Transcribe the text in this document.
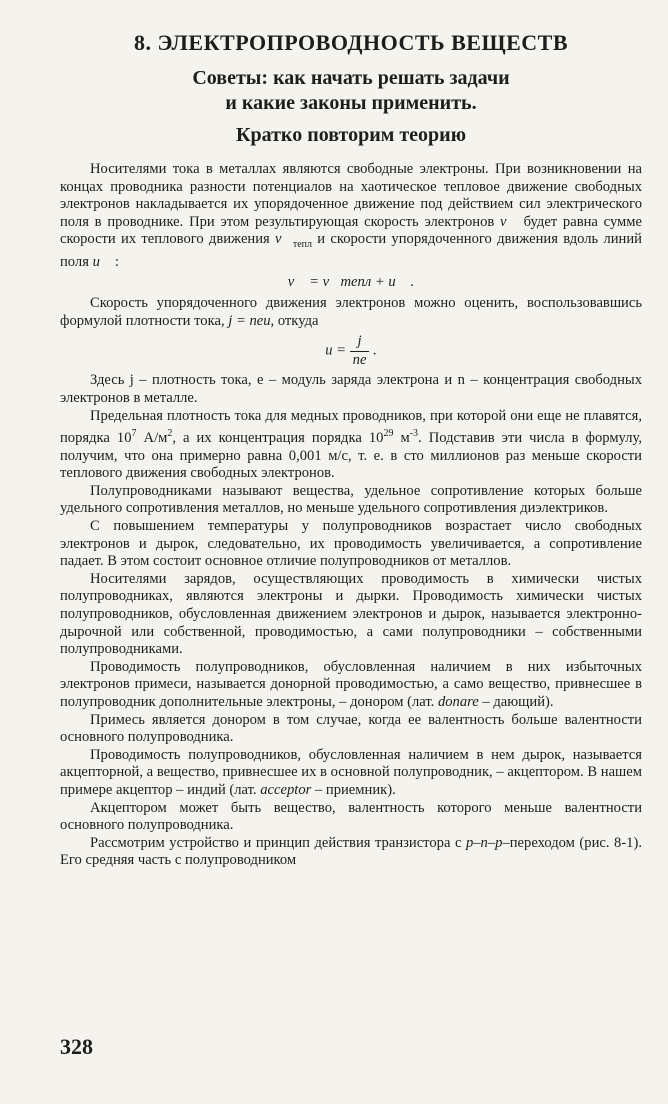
8. ЭЛЕКТРОПРОВОДНОСТЬ ВЕЩЕСТВ
Советы: как начать решать задачи
и какие законы применить.
Кратко повторим теорию

Носителями тока в металлах являются свободные электроны. При возникновении на концах проводника разности потенциалов на хаотическое тепловое движение свободных электронов накладывается их упорядоченное движение под действием сил электрического поля в проводнике. При этом результирующая скорость электронов v⃗ будет равна сумме скорости их теплового движения $v⃗_{тепл}$ и скорости упорядоченного движения вдоль линий поля u⃗ :

v⃗ = v⃗тепл + u⃗ .

Скорость упорядоченного движения электронов можно оценить, воспользовавшись формулой плотности тока, j = neu, откуда

$u = \frac{j}{ne}$ .

Здесь j – плотность тока, e – модуль заряда электрона и n – концентрация свободных электронов в металле.

Предельная плотность тока для медных проводников, при которой они еще не плавятся, порядка $10^7$ $А/м^2$, а их концентрация порядка $10^{29}$ $м^{-3}$. Подставив эти числа в формулу, получим, что она примерно равна 0,001 м/с, т. е. в сто миллионов раз меньше скорости теплового движения свободных электронов.

Полупроводниками называют вещества, удельное сопротивление которых больше удельного сопротивления металлов, но меньше удельного сопротивления диэлектриков.

С повышением температуры у полупроводников возрастает число свободных электронов и дырок, следовательно, их проводимость увеличивается, а сопротивление падает. В этом состоит основное отличие полупроводников от металлов.

Носителями зарядов, осуществляющих проводимость в химически чистых полупроводниках, являются электроны и дырки. Проводимость химически чистых полупроводников, обусловленная движением электронов и дырок, называется электронно-дырочной или собственной, проводимостью, а сами полупроводники – собственными полупроводниками.

Проводимость полупроводников, обусловленная наличием в них избыточных электронов примеси, называется донорной проводимостью, а само вещество, привнесшее в полупроводник дополнительные электроны, – донором (лат. donare – дающий).

Примесь является донором в том случае, когда ее валентность больше валентности основного полупроводника.

Проводимость полупроводников, обусловленная наличием в нем дырок, называется акцепторной, а вещество, привнесшее их в основной полупроводник, – акцептором. В нашем примере акцептор – индий (лат. acceptor – приемник).

Акцептором может быть вещество, валентность которого меньше валентности основного полупроводника.

Рассмотрим устройство и принцип действия транзистора с p–n–p–переходом (рис. 8-1). Его средняя часть с полупроводником

328
